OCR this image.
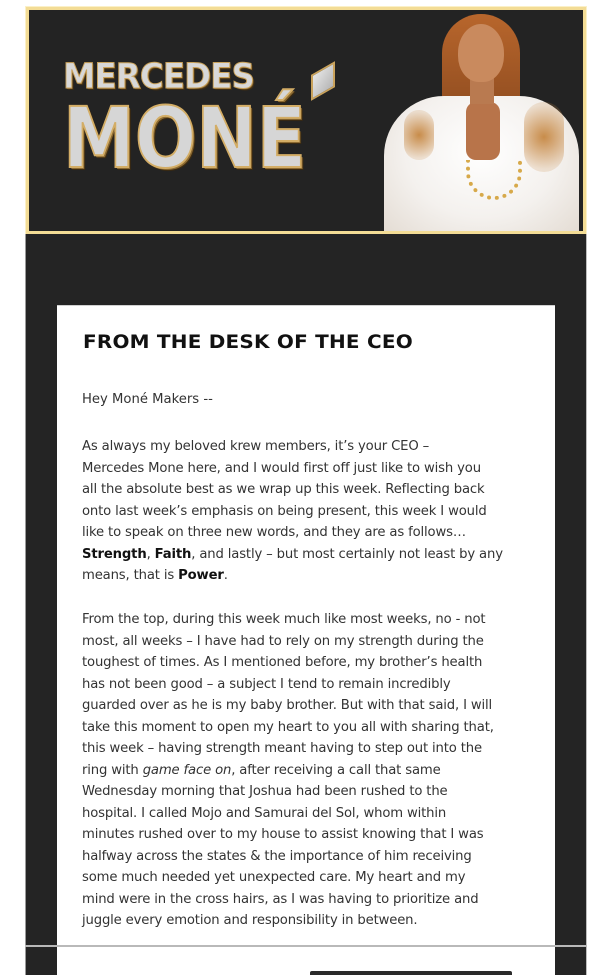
MERCEDES
MONÉ
FROM THE DESK OF THE CEO

Hey Moné Makers --

As always my beloved krew members, it’s your CEO –
Mercedes Mone here, and I would first off just like to wish you
all the absolute best as we wrap up this week. Reflecting back
onto last week’s emphasis on being present, this week I would
like to speak on three new words, and they are as follows…
Strength, Faith, and lastly – but most certainly not least by any
means, that is Power.
From the top, during this week much like most weeks, no - not
most, all weeks – I have had to rely on my strength during the
toughest of times. As I mentioned before, my brother’s health
has not been good – a subject I tend to remain incredibly
guarded over as he is my baby brother. But with that said, I will
take this moment to open my heart to you all with sharing that,
this week – having strength meant having to step out into the
ring with game face on, after receiving a call that same
Wednesday morning that Joshua had been rushed to the
hospital. I called Mojo and Samurai del Sol, whom within
minutes rushed over to my house to assist knowing that I was
halfway across the states & the importance of him receiving
some much needed yet unexpected care. My heart and my
mind were in the cross hairs, as I was having to prioritize and
juggle every emotion and responsibility in between.
